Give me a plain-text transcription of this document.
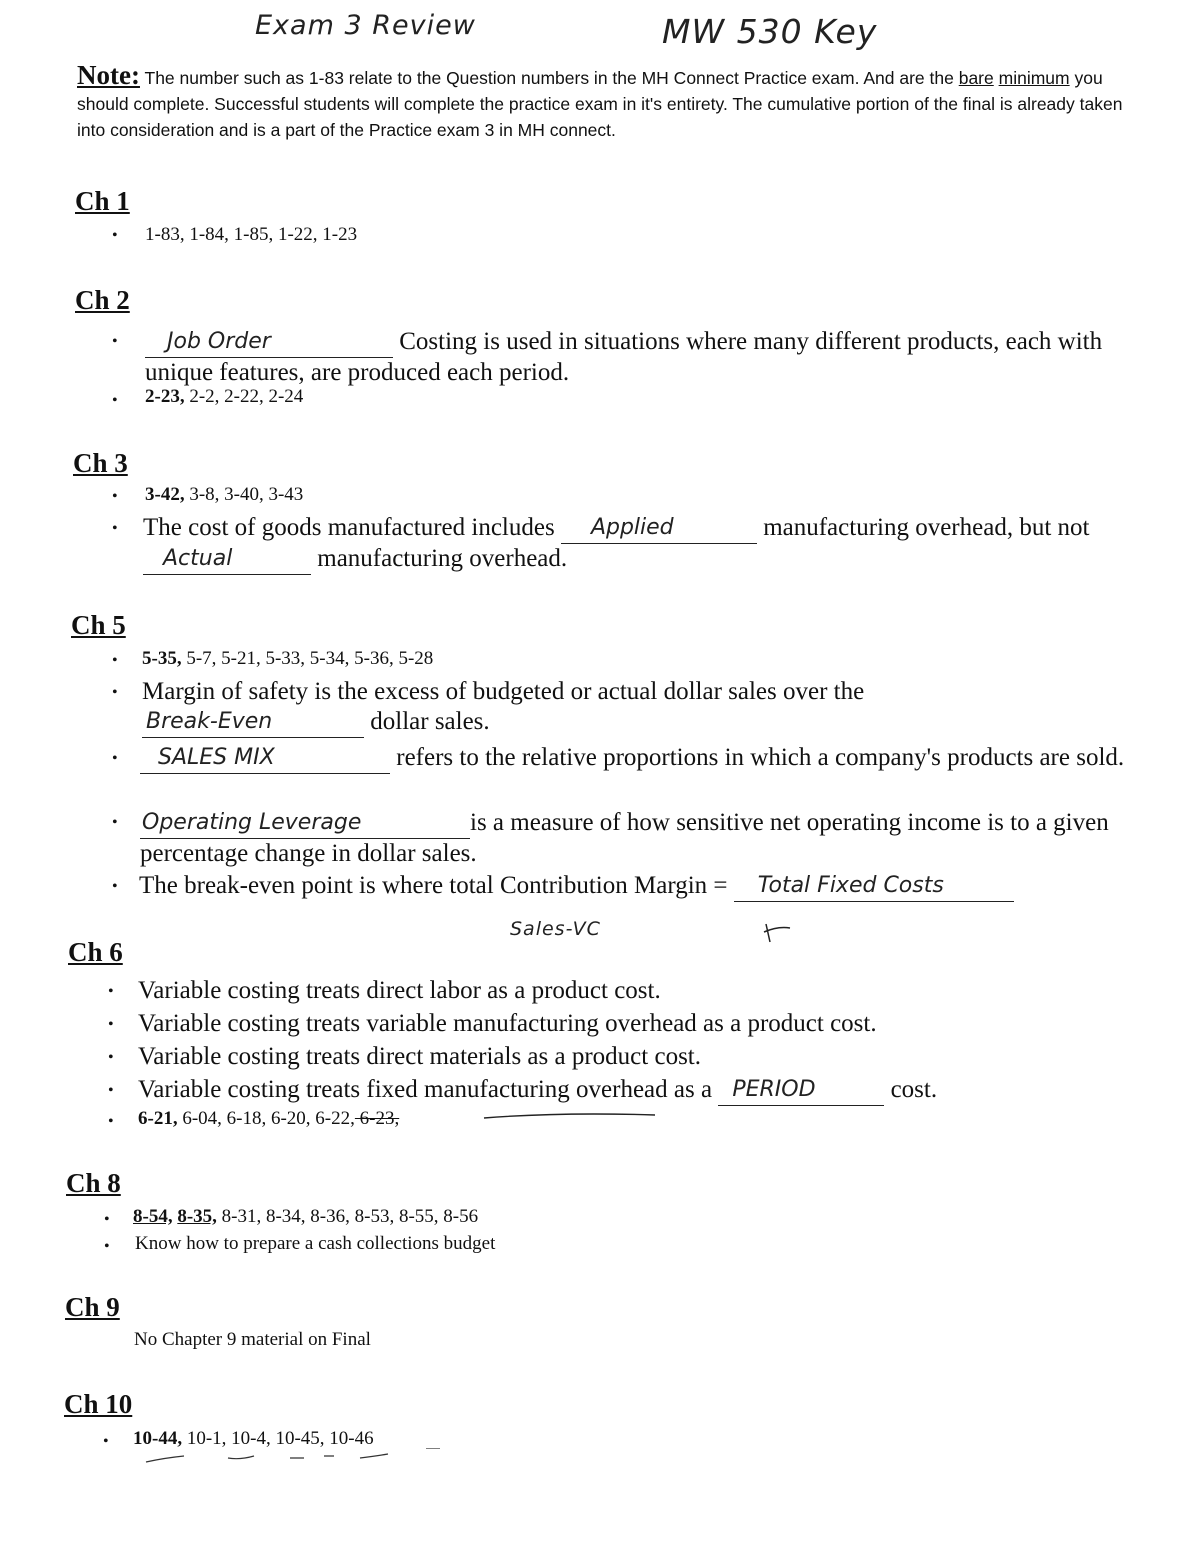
Exam 3 Review	MW 530 Key
Note: The number such as 1-83 relate to the Question numbers in the MH Connect Practice exam. And are the bare minimum you should complete. Successful students will complete the practice exam in it's entirety. The cumulative portion of the final is already taken into consideration and is a part of the Practice exam 3 in MH connect.
Ch 1
• 1-83, 1-84, 1-85, 1-22, 1-23
Ch 2
• Job Order	Costing is used in situations where many different products, each with unique features, are produced each period.
• 2-23, 2-2, 2-22, 2-24
Ch 3
• 3-42, 3-8, 3-40, 3-43
• The cost of goods manufactured includes Applied	manufacturing overhead, but not
Actual	manufacturing overhead.
Ch 5
• 5-35, 5-7, 5-21, 5-33, 5-34, 5-36, 5-28
• Margin of safety is the excess of budgeted or actual dollar sales over the

Break-Even	dollar sales.
• SALES MIX	refers to the relative proportions in which a company's products are sold.
• Operating Leverage	is a measure of how sensitive net operating income is to a given percentage change in dollar sales.
• The break-even point is where total Contribution Margin = Total Fixed Costs

Sales-VC
Ch 6
• Variable costing treats direct labor as a product cost.
• Variable costing treats variable manufacturing overhead as a product cost.
• Variable costing treats direct materials as a product cost.
• Variable costing treats fixed manufacturing overhead as a PERIOD	cost.
• 6-21, 6-04, 6-18, 6-20, 6-22, 6-23,
Ch 8
• 8-54, 8-35, 8-31, 8-34, 8-36, 8-53, 8-55, 8-56
• Know how to prepare a cash collections budget
Ch 9
No Chapter 9 material on Final
Ch 10
• 10-44, 10-1, 10-4, 10-45, 10-46
